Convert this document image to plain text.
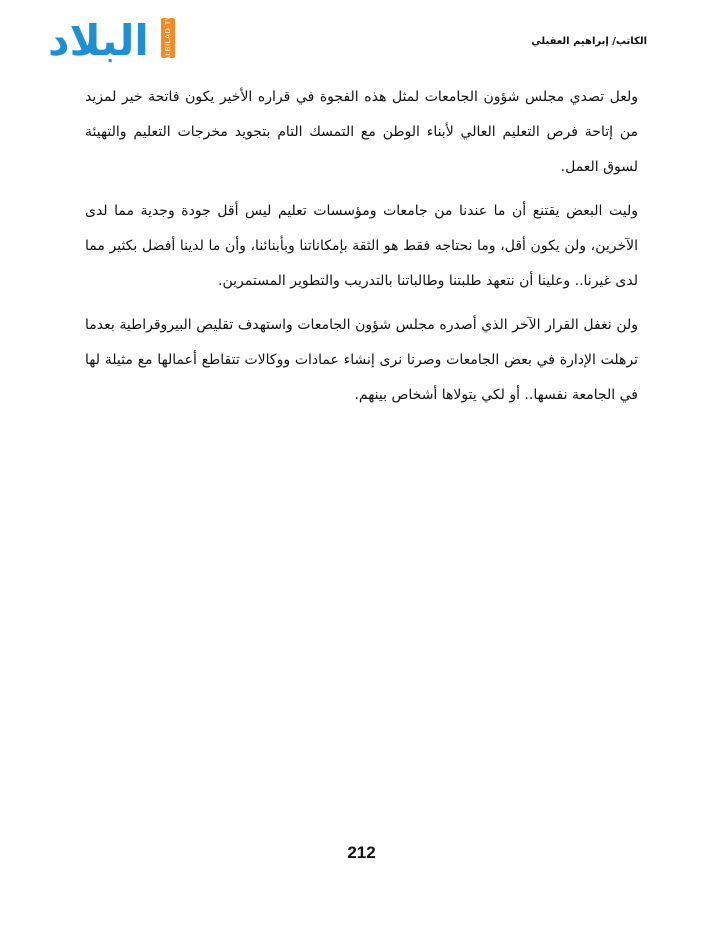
البلاد ALBILAD TV	الكاتب/ إبراهيم العقيلي

ولعل تصدي مجلس شؤون الجامعات لمثل هذه الفجوة في قراره الأخير يكون فاتحة خير لمزيد من إتاحة فرص التعليم العالي لأبناء الوطن مع التمسك التام بتجويد مخرجات التعليم والتهيئة لسوق العمل.

وليت البعض يقتنع أن ما عندنا من جامعات ومؤسسات تعليم ليس أقل جودة وجدية مما لدى الآخرين، ولن يكون أقل، وما نحتاجه فقط هو الثقة بإمكاناتنا وبأبنائنا، وأن ما لدينا أفضل بكثير مما لدى غيرنا.. وعلينا أن نتعهد طلبتنا وطالباتنا بالتدريب والتطوير المستمرين.

ولن نغفل القرار الآخر الذي أصدره مجلس شؤون الجامعات واستهدف تقليص البيروقراطية بعدما ترهلت الإدارة في بعض الجامعات وصرنا نرى إنشاء عمادات ووكالات تتقاطع أعمالها مع مثيلة لها في الجامعة نفسها.. أو لكي يتولاها أشخاص بينهم.

212
